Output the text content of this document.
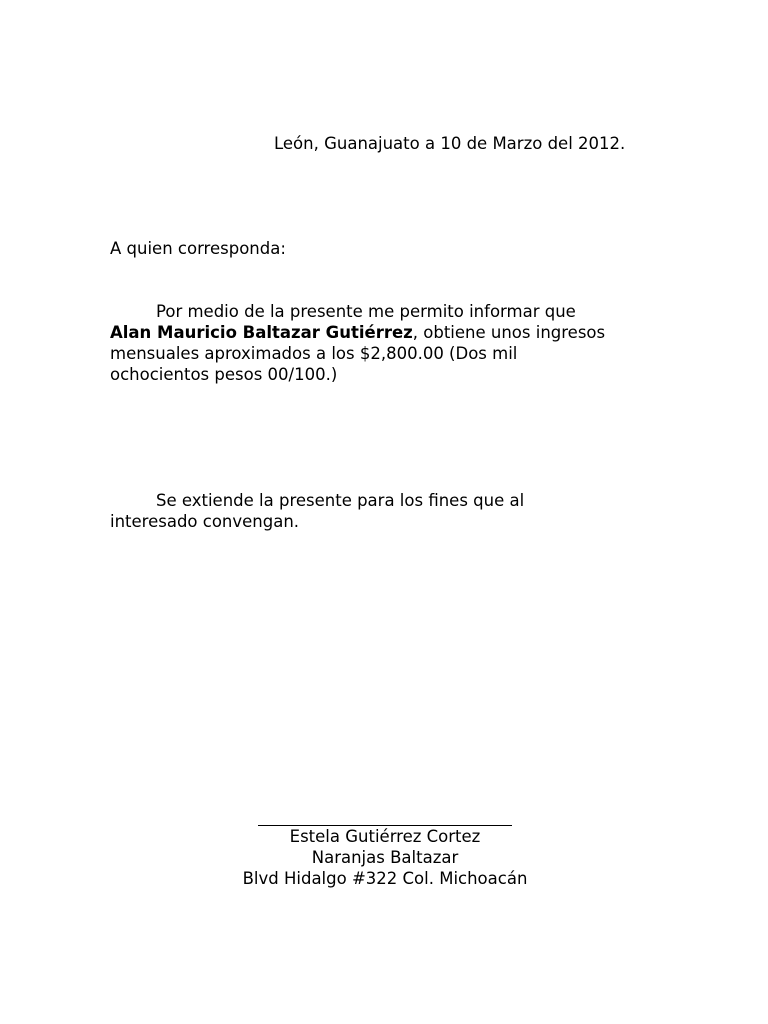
León, Guanajuato a 10 de Marzo del 2012.
A quien corresponda:
Por medio de la presente me permito informar que
Alan Mauricio Baltazar Gutiérrez, obtiene unos ingresos
mensuales aproximados a los $2,800.00 (Dos mil
ochocientos pesos 00/100.)
Se extiende la presente para los fines que al
interesado convengan.
Estela Gutiérrez Cortez
Naranjas Baltazar
Blvd Hidalgo #322 Col. Michoacán
